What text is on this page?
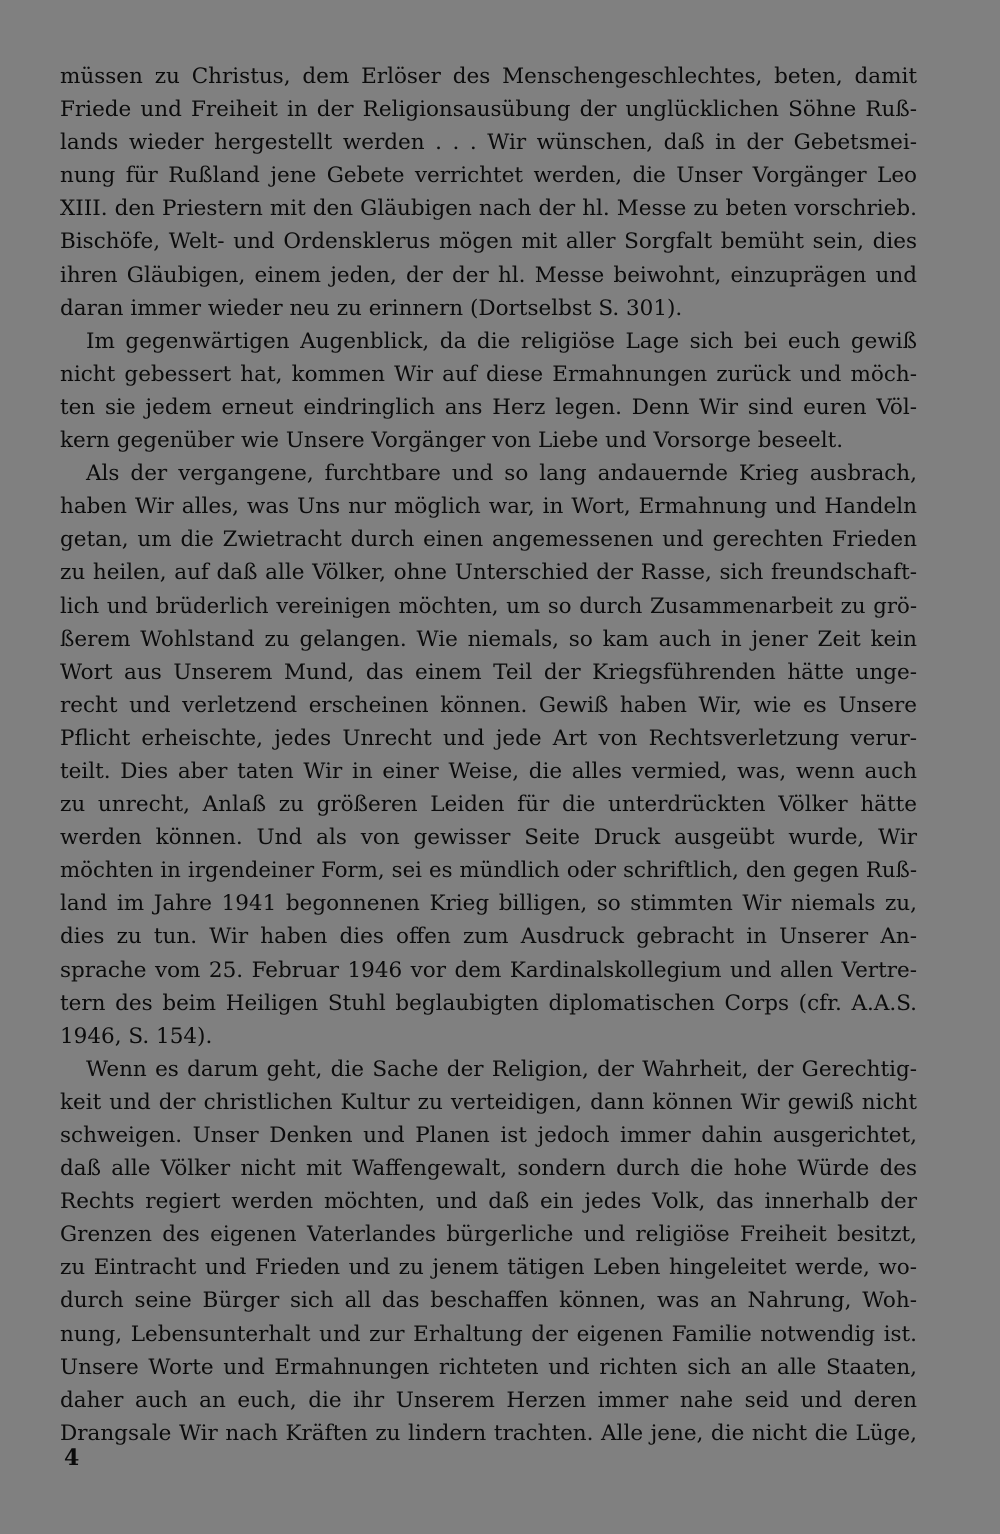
müssen zu Christus, dem Erlöser des Menschengeschlechtes, beten, damit
Friede und Freiheit in der Religionsausübung der unglücklichen Söhne Ruß-
lands wieder hergestellt werden . . . Wir wünschen, daß in der Gebetsmei-
nung für Rußland jene Gebete verrichtet werden, die Unser Vorgänger Leo
XIII. den Priestern mit den Gläubigen nach der hl. Messe zu beten vorschrieb.
Bischöfe, Welt- und Ordensklerus mögen mit aller Sorgfalt bemüht sein, dies
ihren Gläubigen, einem jeden, der der hl. Messe beiwohnt, einzuprägen und
daran immer wieder neu zu erinnern (Dortselbst S. 301).
Im gegenwärtigen Augenblick, da die religiöse Lage sich bei euch gewiß
nicht gebessert hat, kommen Wir auf diese Ermahnungen zurück und möch-
ten sie jedem erneut eindringlich ans Herz legen. Denn Wir sind euren Völ-
kern gegenüber wie Unsere Vorgänger von Liebe und Vorsorge beseelt.
Als der vergangene, furchtbare und so lang andauernde Krieg ausbrach,
haben Wir alles, was Uns nur möglich war, in Wort, Ermahnung und Handeln
getan, um die Zwietracht durch einen angemessenen und gerechten Frieden
zu heilen, auf daß alle Völker, ohne Unterschied der Rasse, sich freundschaft-
lich und brüderlich vereinigen möchten, um so durch Zusammenarbeit zu grö-
ßerem Wohlstand zu gelangen. Wie niemals, so kam auch in jener Zeit kein
Wort aus Unserem Mund, das einem Teil der Kriegsführenden hätte unge-
recht und verletzend erscheinen können. Gewiß haben Wir, wie es Unsere
Pflicht erheischte, jedes Unrecht und jede Art von Rechtsverletzung verur-
teilt. Dies aber taten Wir in einer Weise, die alles vermied, was, wenn auch
zu unrecht, Anlaß zu größeren Leiden für die unterdrückten Völker hätte
werden können. Und als von gewisser Seite Druck ausgeübt wurde, Wir
möchten in irgendeiner Form, sei es mündlich oder schriftlich, den gegen Ruß-
land im Jahre 1941 begonnenen Krieg billigen, so stimmten Wir niemals zu,
dies zu tun. Wir haben dies offen zum Ausdruck gebracht in Unserer An-
sprache vom 25. Februar 1946 vor dem Kardinalskollegium und allen Vertre-
tern des beim Heiligen Stuhl beglaubigten diplomatischen Corps (cfr. A.A.S.
1946, S. 154).
Wenn es darum geht, die Sache der Religion, der Wahrheit, der Gerechtig-
keit und der christlichen Kultur zu verteidigen, dann können Wir gewiß nicht
schweigen. Unser Denken und Planen ist jedoch immer dahin ausgerichtet,
daß alle Völker nicht mit Waffengewalt, sondern durch die hohe Würde des
Rechts regiert werden möchten, und daß ein jedes Volk, das innerhalb der
Grenzen des eigenen Vaterlandes bürgerliche und religiöse Freiheit besitzt,
zu Eintracht und Frieden und zu jenem tätigen Leben hingeleitet werde, wo-
durch seine Bürger sich all das beschaffen können, was an Nahrung, Woh-
nung, Lebensunterhalt und zur Erhaltung der eigenen Familie notwendig ist.
Unsere Worte und Ermahnungen richteten und richten sich an alle Staaten,
daher auch an euch, die ihr Unserem Herzen immer nahe seid und deren
Drangsale Wir nach Kräften zu lindern trachten. Alle jene, die nicht die Lüge,
4
